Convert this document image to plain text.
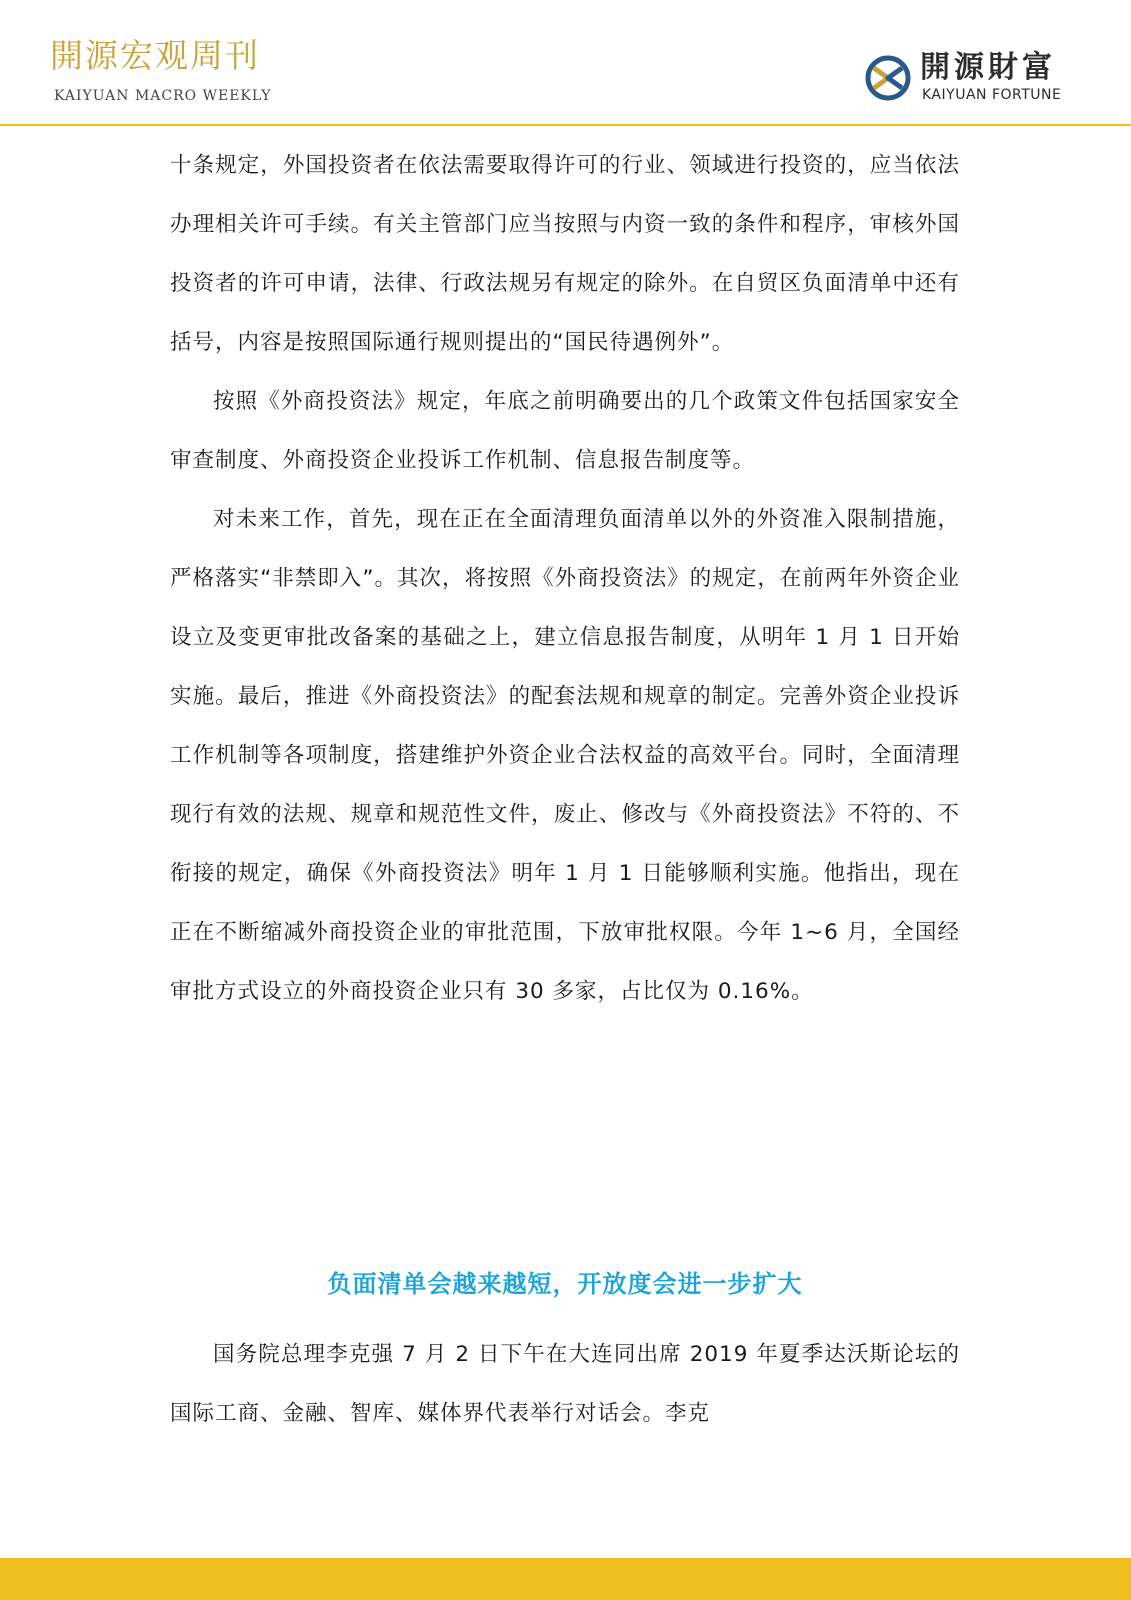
開源宏观周刊
KAIYUAN MACRO WEEKLY
開源財富
KAIYUAN FORTUNE

十条规定，外国投资者在依法需要取得许可的行业、领域进行投资的，应当依法办理相关许可手续。有关主管部门应当按照与内资一致的条件和程序，审核外国投资者的许可申请，法律、行政法规另有规定的除外。在自贸区负面清单中还有括号，内容是按照国际通行规则提出的“国民待遇例外”。

按照《外商投资法》规定，年底之前明确要出的几个政策文件包括国家安全审查制度、外商投资企业投诉工作机制、信息报告制度等。

对未来工作，首先，现在正在全面清理负面清单以外的外资准入限制措施，严格落实“非禁即入”。其次，将按照《外商投资法》的规定，在前两年外资企业设立及变更审批改备案的基础之上，建立信息报告制度，从明年 1 月 1 日开始实施。最后，推进《外商投资法》的配套法规和规章的制定。完善外资企业投诉工作机制等各项制度，搭建维护外资企业合法权益的高效平台。同时，全面清理现行有效的法规、规章和规范性文件，废止、修改与《外商投资法》不符的、不衔接的规定，确保《外商投资法》明年 1 月 1 日能够顺利实施。他指出，现在正在不断缩减外商投资企业的审批范围，下放审批权限。今年 1~6 月，全国经审批方式设立的外商投资企业只有 30 多家，占比仅为 0.16%。

负面清单会越来越短，开放度会进一步扩大

国务院总理李克强 7 月 2 日下午在大连同出席 2019 年夏季达沃斯论坛的国际工商、金融、智库、媒体界代表举行对话会。李克
